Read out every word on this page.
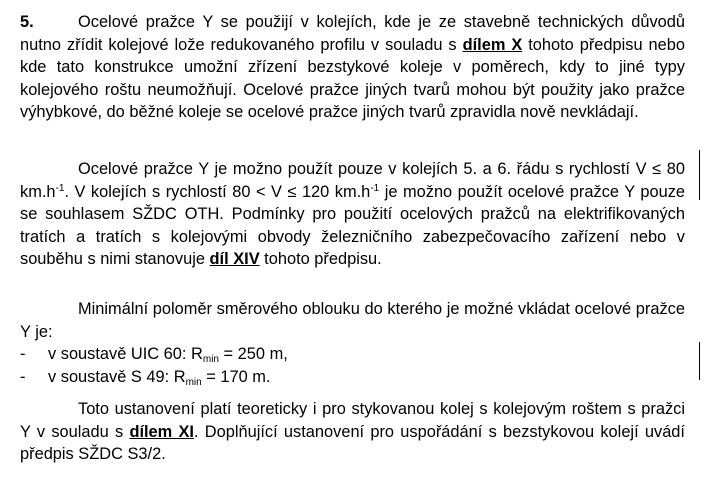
5.	Ocelové pražce Y se použijí v kolejích, kde je ze stavebně technických důvodů nutno zřídit kolejové lože redukovaného profilu v souladu s dílem X tohoto předpisu nebo kde tato konstrukce umožní zřízení bezstykové koleje v poměrech, kdy to jiné typy kolejového roštu neumožňují. Ocelové pražce jiných tvarů mohou být použity jako pražce výhybkové, do běžné koleje se ocelové pražce jiných tvarů zpravidla nově nevkládají.
Ocelové pražce Y je možno použít pouze v kolejích 5. a 6. řádu s rychlostí V ≤ 80 $km.h^{-1}$. V kolejích s rychlostí 80 < V ≤ 120 $km.h^{-1}$ je možno použít ocelové pražce Y pouze se souhlasem SŽDC OTH. Podmínky pro použití ocelových pražců na elektrifikovaných tratích a tratích s kolejovými obvody železničního zabezpečovacího zařízení nebo v souběhu s nimi stanovuje díl XIV tohoto předpisu.
Minimální poloměr směrového oblouku do kterého je možné vkládat ocelové pražce Y je:
- v soustavě UIC 60: $R_{min} = 250$ m,
- v soustavě S 49: $R_{min} = 170$ m.
Toto ustanovení platí teoreticky i pro stykovanou kolej s kolejovým roštem s pražci Y v souladu s dílem XI. Doplňující ustanovení pro uspořádání s bezstykovou kolejí uvádí předpis SŽDC S3/2.
